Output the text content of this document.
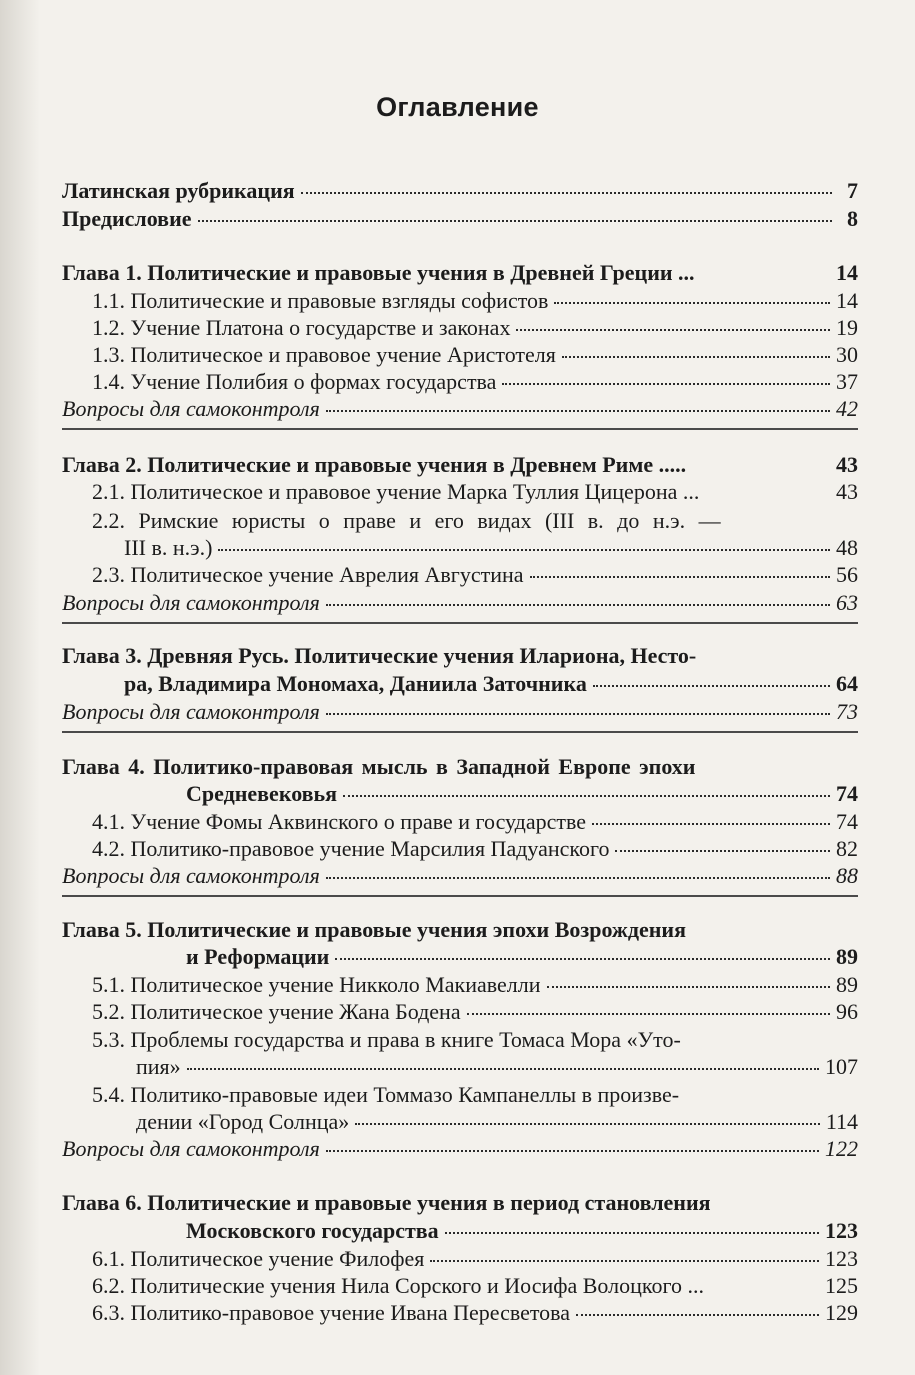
Оглавление
Латинская рубрикация	7
Предисловие	8
Глава 1. Политические и правовые учения в Древней Греции ...	14
1.1. Политические и правовые взгляды софистов	14
1.2. Учение Платона о государстве и законах	19
1.3. Политическое и правовое учение Аристотеля	30
1.4. Учение Полибия о формах государства	37
Вопросы для самоконтроля	42
Глава 2. Политические и правовые учения в Древнем Риме .....	43
2.1. Политическое и правовое учение Марка Туллия Цицерона ...	43
2.2. Римские юристы о праве и его видах (III в. до н.э. —
III в. н.э.)	48
2.3. Политическое учение Аврелия Августина	56
Вопросы для самоконтроля	63
Глава 3. Древняя Русь. Политические учения Илариона, Несто-
ра, Владимира Мономаха, Даниила Заточника	64
Вопросы для самоконтроля	73
Глава 4. Политико-правовая мысль в Западной Европе эпохи
Средневековья	74
4.1. Учение Фомы Аквинского о праве и государстве	74
4.2. Политико-правовое учение Марсилия Падуанского	82
Вопросы для самоконтроля	88
Глава 5. Политические и правовые учения эпохи Возрождения
и Реформации	89
5.1. Политическое учение Никколо Макиавелли	89
5.2. Политическое учение Жана Бодена	96
5.3. Проблемы государства и права в книге Томаса Мора «Уто-
пия»	107
5.4. Политико-правовые идеи Томмазо Кампанеллы в произве-
дении «Город Солнца»	114
Вопросы для самоконтроля	122
Глава 6. Политические и правовые учения в период становления
Московского государства	123
6.1. Политическое учение Филофея	123
6.2. Политические учения Нила Сорского и Иосифа Волоцкого ...	125
6.3. Политико-правовое учение Ивана Пересветова	129
